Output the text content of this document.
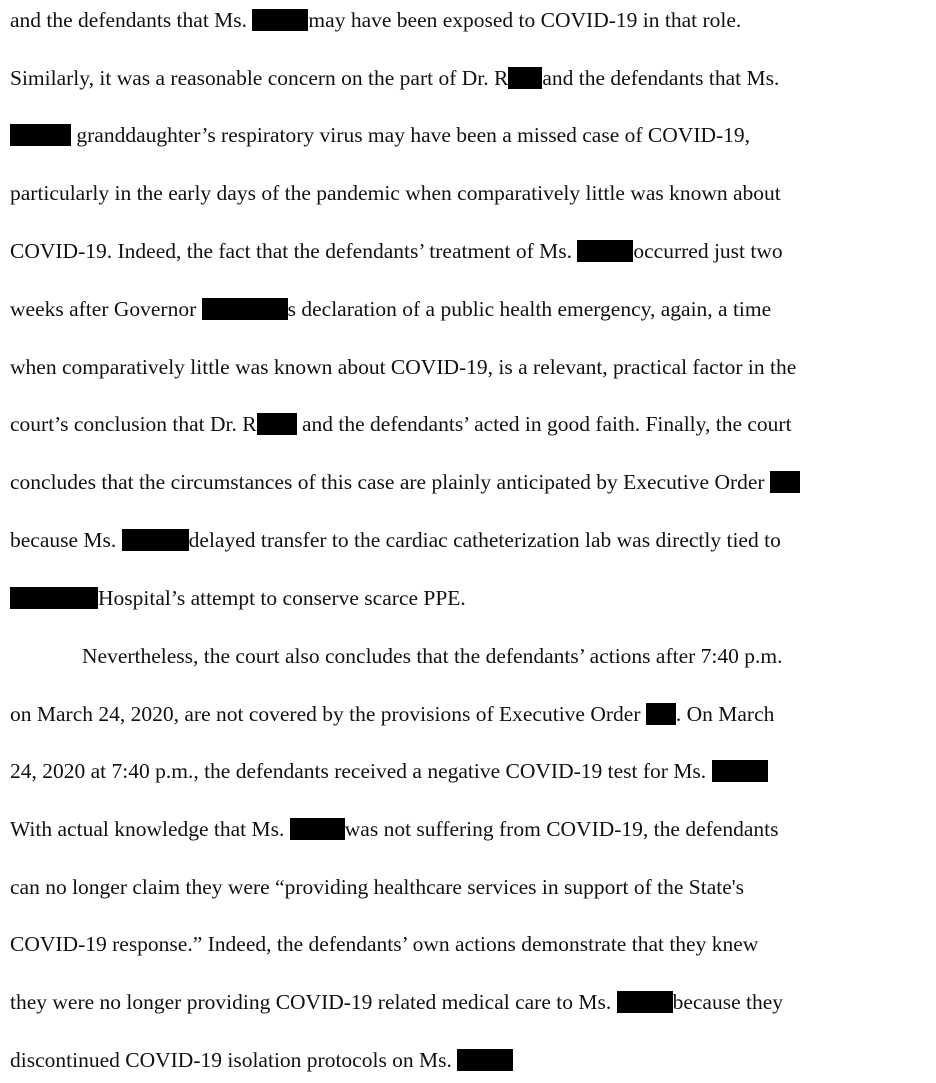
and the defendants that Ms.	may have been exposed to COVID-19 in that role.
Similarly, it was a reasonable concern on the part of Dr. R and the defendants that Ms.
granddaughter’s respiratory virus may have been a missed case of COVID-19,
particularly in the early days of the pandemic when comparatively little was known about
COVID-19. Indeed, the fact that the defendants’ treatment of Ms.	occurred just two
weeks after Governor	s declaration of a public health emergency, again, a time
when comparatively little was known about COVID-19, is a relevant, practical factor in the
court’s conclusion that Dr. R and the defendants’ acted in good faith. Finally, the court
concludes that the circumstances of this case are plainly anticipated by Executive Order
because Ms.	delayed transfer to the cardiac catheterization lab was directly tied to
Hospital’s attempt to conserve scarce PPE.
Nevertheless, the court also concludes that the defendants’ actions after 7:40 p.m.
on March 24, 2020, are not covered by the provisions of Executive Order . On March
24, 2020 at 7:40 p.m., the defendants received a negative COVID-19 test for Ms.
With actual knowledge that Ms.	was not suffering from COVID-19, the defendants
can no longer claim they were “providing healthcare services in support of the State's
COVID-19 response.” Indeed, the defendants’ own actions demonstrate that they knew
they were no longer providing COVID-19 related medical care to Ms.	because they
discontinued COVID-19 isolation protocols on Ms.
